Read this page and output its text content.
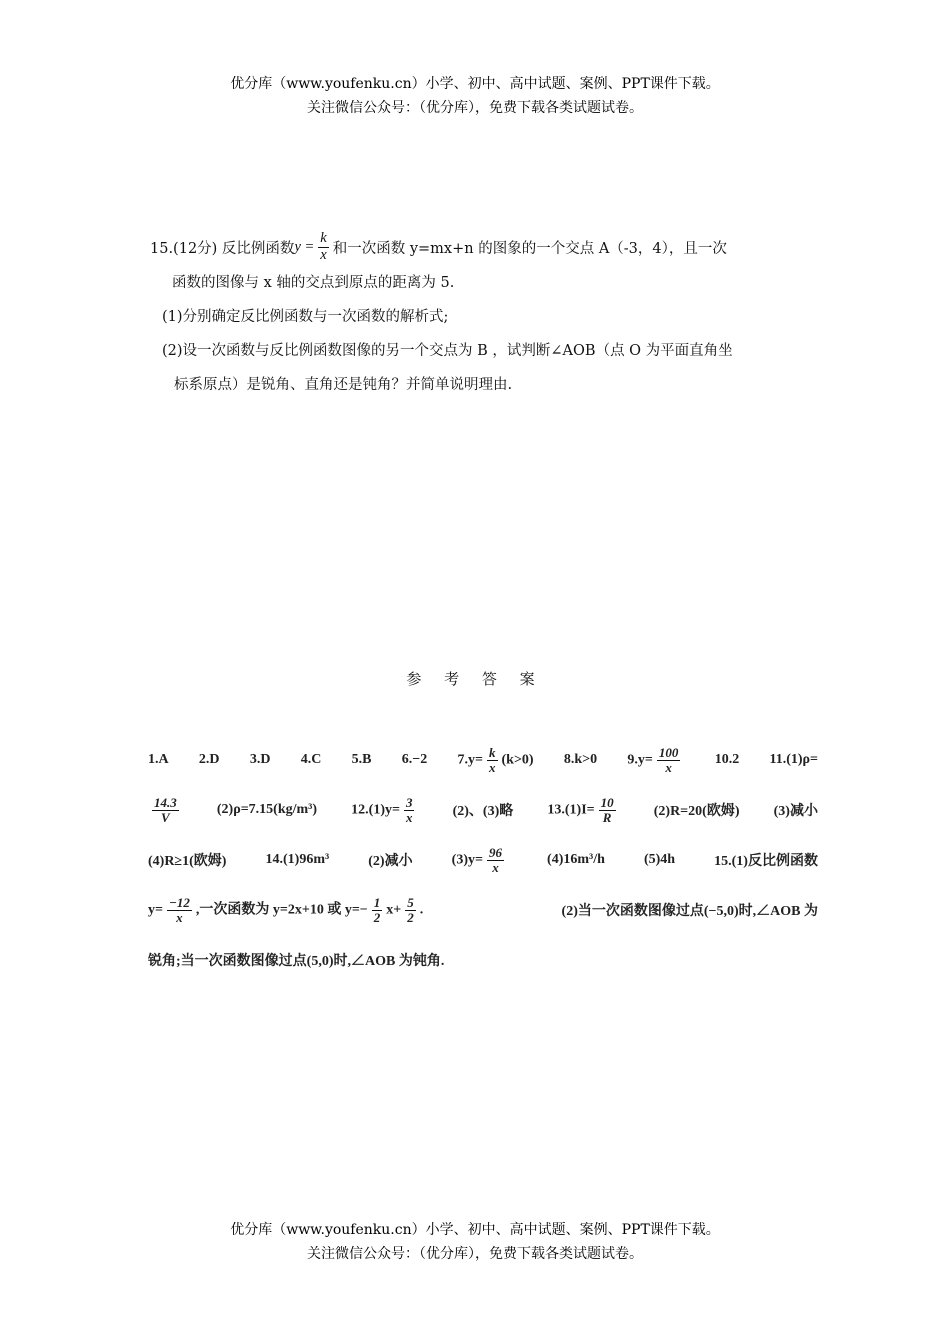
优分库（www.youfenku.cn）小学、初中、高中试题、案例、PPT课件下载。
关注微信公众号：（优分库），免费下载各类试题试卷。
15.(12分) 反比例函数 $y = \frac{k}{x}$ 和一次函数 y=mx+n 的图象的一个交点 A（-3，4），且一次
函数的图像与 x 轴的交点到原点的距离为 5.
(1)分别确定反比例函数与一次函数的解析式;
(2)设一次函数与反比例函数图像的另一个交点为 B ，试判断∠AOB（点 O 为平面直角坐
标系原点）是锐角、直角还是钝角？并简单说明理由.
参 考 答 案
1.A 2.D 3.D 4.C 5.B 6.−2 $7.y= \frac{k}{x} (k>0)$ 8.k>0 $9.y= \frac{100}{x} 10.2$ 11.(1)ρ=
$\frac{14.3}{V}$	(2)ρ=7.15(kg/m³) $12.(1)y= \frac{3}{x}$	(2)、(3)略 $13.(1)I= \frac{10}{R}$	(2)R=20(欧姆) (3)减小
(4)R≥1(欧姆)	14.(1)96m³	(2)减小	$(3)y= \frac{96}{x}$	(4)16m³/h	(5)4h	15.(1)反比例函数
$y= \frac{-12}{x}$ ,一次函数为 y=2x+10 或 $y=- \frac{1}{2} x+ \frac{5}{2}$ .	(2)当一次函数图像过点(−5,0)时,∠AOB 为
锐角;当一次函数图像过点(5,0)时,∠AOB 为钝角.
优分库（www.youfenku.cn）小学、初中、高中试题、案例、PPT课件下载。
关注微信公众号：（优分库），免费下载各类试题试卷。
